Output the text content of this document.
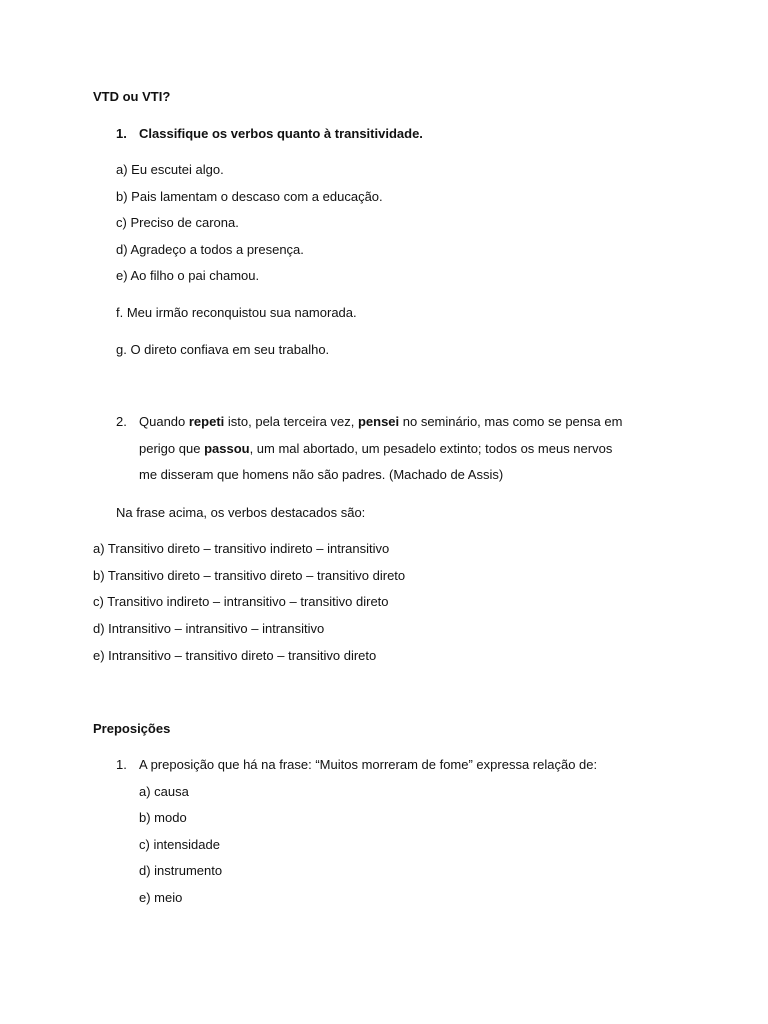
VTD ou VTI?
1. Classifique os verbos quanto à transitividade.
a) Eu escutei algo.
b) Pais lamentam o descaso com a educação.
c) Preciso de carona.
d) Agradeço a todos a presença.
e) Ao filho o pai chamou.
f. Meu irmão reconquistou sua namorada.
g. O direto confiava em seu trabalho.
2. Quando repeti isto, pela terceira vez, pensei no seminário, mas como se pensa em
perigo que passou, um mal abortado, um pesadelo extinto; todos os meus nervos
me disseram que homens não são padres. (Machado de Assis)
Na frase acima, os verbos destacados são:
a) Transitivo direto – transitivo indireto – intransitivo
b) Transitivo direto – transitivo direto – transitivo direto
c) Transitivo indireto – intransitivo – transitivo direto
d) Intransitivo – intransitivo – intransitivo
e) Intransitivo – transitivo direto – transitivo direto
Preposições
1. A preposição que há na frase: “Muitos morreram de fome” expressa relação de:
a) causa
b) modo
c) intensidade
d) instrumento
e) meio
